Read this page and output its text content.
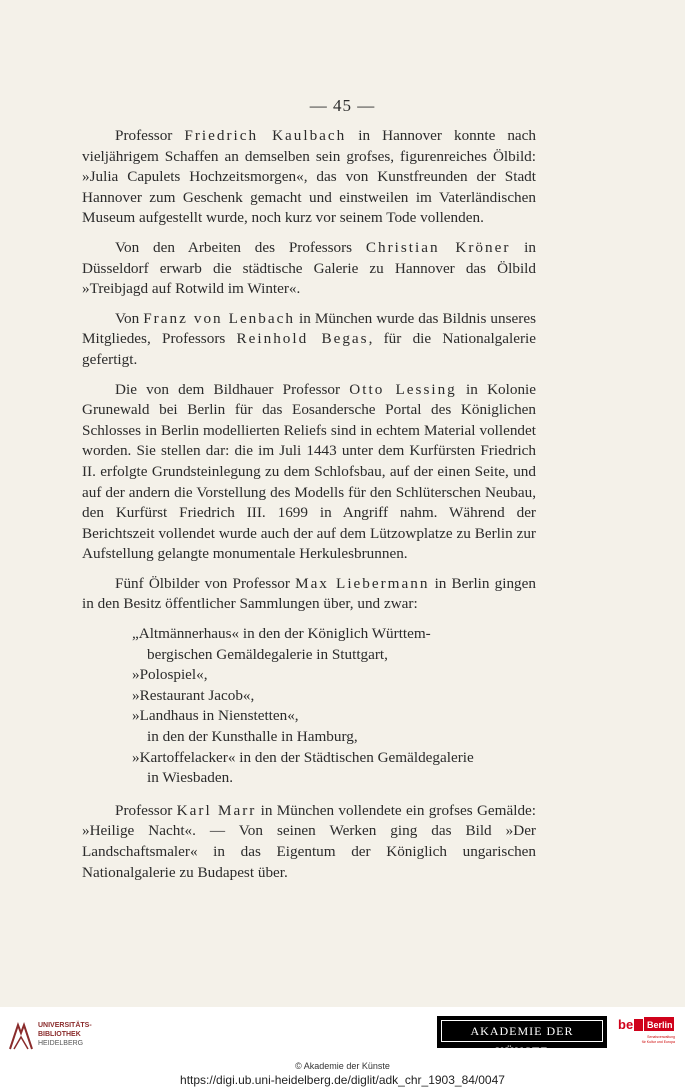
— 45 —

Professor Friedrich Kaulbach in Hannover konnte nach vieljährigem Schaffen an demselben sein grofses, figurenreiches Ölbild: »Julia Capulets Hochzeitsmorgen«, das von Kunstfreunden der Stadt Hannover zum Geschenk gemacht und einstweilen im Vaterländischen Museum aufgestellt wurde, noch kurz vor seinem Tode vollenden.

Von den Arbeiten des Professors Christian Kröner in Düsseldorf erwarb die städtische Galerie zu Hannover das Ölbild »Treibjagd auf Rotwild im Winter«.

Von Franz von Lenbach in München wurde das Bildnis unseres Mitgliedes, Professors Reinhold Begas, für die Nationalgalerie gefertigt.

Die von dem Bildhauer Professor Otto Lessing in Kolonie Grunewald bei Berlin für das Eosandersche Portal des Königlichen Schlosses in Berlin modellierten Reliefs sind in echtem Material vollendet worden. Sie stellen dar: die im Juli 1443 unter dem Kurfürsten Friedrich II. erfolgte Grundsteinlegung zu dem Schlofsbau, auf der einen Seite, und auf der andern die Vorstellung des Modells für den Schlüterschen Neubau, den Kurfürst Friedrich III. 1699 in Angriff nahm. Während der Berichtszeit vollendet wurde auch der auf dem Lützowplatze zu Berlin zur Aufstellung gelangte monumentale Herkulesbrunnen.

Fünf Ölbilder von Professor Max Liebermann in Berlin gingen in den Besitz öffentlicher Sammlungen über, und zwar:

„Altmännerhaus« in den der Königlich Württem-
bergischen Gemäldegalerie in Stuttgart,
»Polospiel«,
»Restaurant Jacob«,
»Landhaus in Nienstetten«,
in den der Kunsthalle in Hamburg,
»Kartoffelacker« in den der Städtischen Gemäldegalerie
in Wiesbaden.

Professor Karl Marr in München vollendete ein grofses Gemälde: »Heilige Nacht«. — Von seinen Werken ging das Bild »Der Landschaftsmaler« in das Eigentum der Königlich ungarischen Nationalgalerie zu Budapest über.

UNIVERSITÄTS-
BIBLIOTHEK
HEIDELBERG
AKADEMIE DER KÜNSTE
be Berlin
Senatsverwaltung
für Kultur und Europa
© Akademie der Künste
https://digi.ub.uni-heidelberg.de/diglit/adk_chr_1903_84/0047
